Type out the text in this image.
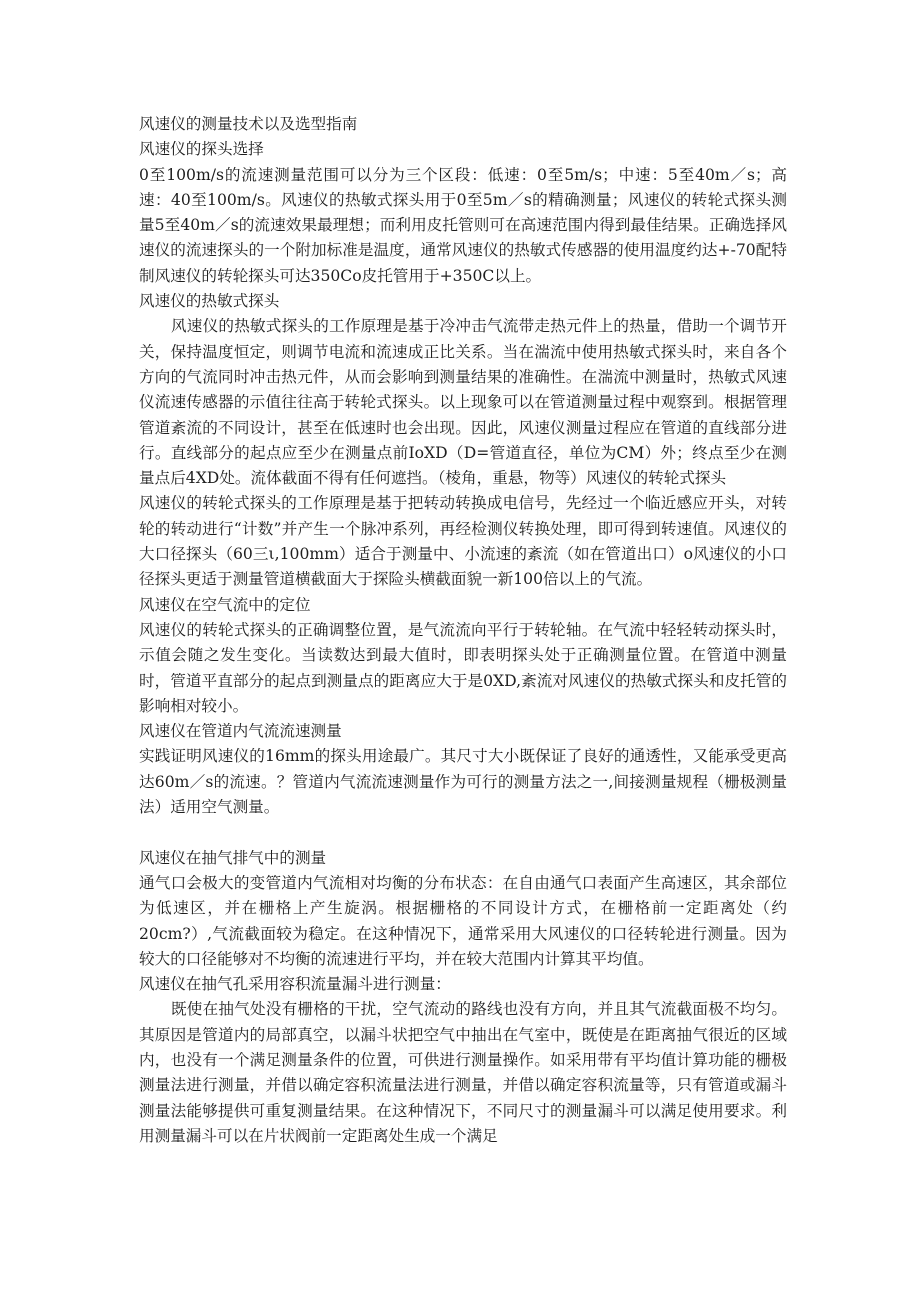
风速仪的测量技术以及选型指南
风速仪的探头选择
0至100m/s的流速测量范围可以分为三个区段：低速：0至5m/s；中速：5至40m／s；高速：40至100m/s。风速仪的热敏式探头用于0至5m／s的精确测量；风速仪的转轮式探头测量5至40m／s的流速效果最理想；而利用皮托管则可在高速范围内得到最佳结果。正确选择风速仪的流速探头的一个附加标准是温度，通常风速仪的热敏式传感器的使用温度约达+-70配特制风速仪的转轮探头可达350Co皮托管用于+350C以上。
风速仪的热敏式探头
风速仪的热敏式探头的工作原理是基于冷冲击气流带走热元件上的热量，借助一个调节开关，保持温度恒定，则调节电流和流速成正比关系。当在湍流中使用热敏式探头时，来自各个方向的气流同时冲击热元件，从而会影响到测量结果的准确性。在湍流中测量时，热敏式风速仪流速传感器的示值往往高于转轮式探头。以上现象可以在管道测量过程中观察到。根据管理管道紊流的不同设计，甚至在低速时也会出现。因此，风速仪测量过程应在管道的直线部分进行。直线部分的起点应至少在测量点前IoXD（D=管道直径，单位为CM）外；终点至少在测量点后4XD处。流体截面不得有任何遮挡。（棱角，重悬，物等）风速仪的转轮式探头
风速仪的转轮式探头的工作原理是基于把转动转换成电信号，先经过一个临近感应开头，对转轮的转动进行“计数”并产生一个脉冲系列，再经检测仪转换处理，即可得到转速值。风速仪的大口径探头（60三ι,100mm）适合于测量中、小流速的紊流（如在管道出口）o风速仪的小口径探头更适于测量管道横截面大于探险头横截面貌一新100倍以上的气流。
风速仪在空气流中的定位
风速仪的转轮式探头的正确调整位置，是气流流向平行于转轮轴。在气流中轻轻转动探头时，示值会随之发生变化。当读数达到最大值时，即表明探头处于正确测量位置。在管道中测量时，管道平直部分的起点到测量点的距离应大于是0XD,紊流对风速仪的热敏式探头和皮托管的影响相对较小。
风速仪在管道内气流流速测量
实践证明风速仪的16mm的探头用途最广。其尺寸大小既保证了良好的通透性，又能承受更高达60m／s的流速。？管道内气流流速测量作为可行的测量方法之一,间接测量规程（栅极测量法）适用空气测量。
风速仪在抽气排气中的测量
通气口会极大的变管道内气流相对均衡的分布状态：在自由通气口表面产生高速区，其余部位为低速区，并在栅格上产生旋涡。根据栅格的不同设计方式，在栅格前一定距离处（约20cm?）,气流截面较为稳定。在这种情况下，通常采用大风速仪的口径转轮进行测量。因为较大的口径能够对不均衡的流速进行平均，并在较大范围内计算其平均值。
风速仪在抽气孔采用容积流量漏斗进行测量：
既使在抽气处没有栅格的干扰，空气流动的路线也没有方向，并且其气流截面极不均匀。其原因是管道内的局部真空，以漏斗状把空气中抽出在气室中，既使是在距离抽气很近的区域内，也没有一个满足测量条件的位置，可供进行测量操作。如采用带有平均值计算功能的栅极测量法进行测量，并借以确定容积流量法进行测量，并借以确定容积流量等，只有管道或漏斗测量法能够提供可重复测量结果。在这种情况下，不同尺寸的测量漏斗可以满足使用要求。利用测量漏斗可以在片状阀前一定距离处生成一个满足
